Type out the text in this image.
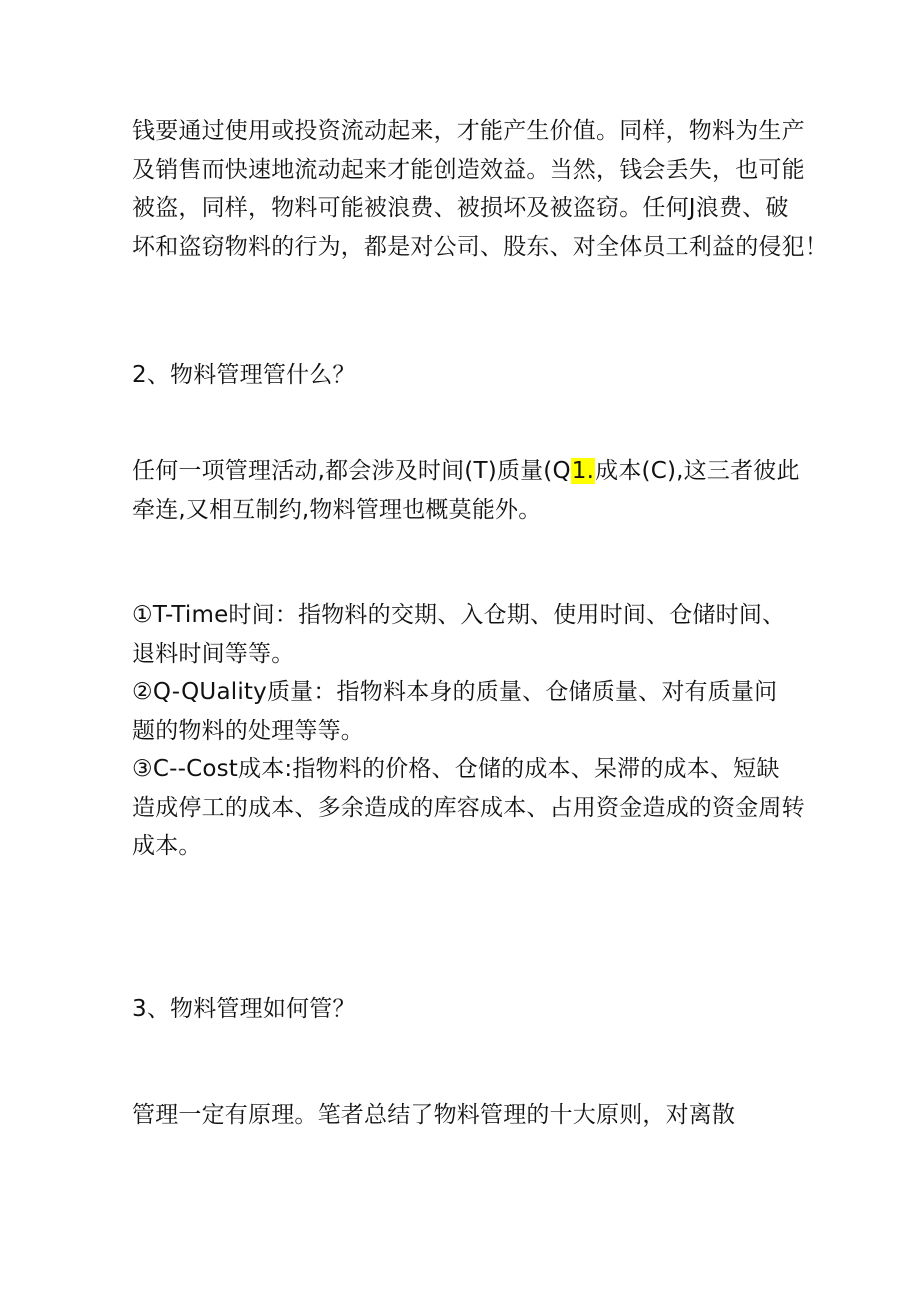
钱要通过使用或投资流动起来，才能产生价值。同样，物料为生产
及销售而快速地流动起来才能创造效益。当然，钱会丢失，也可能
被盗，同样，物料可能被浪费、被损坏及被盗窃。任何J浪费、破
坏和盗窃物料的行为，都是对公司、股东、对全体员工利益的侵犯！

2、物料管理管什么？

任何一项管理活动,都会涉及时间(T)质量(Q1.成本(C),这三者彼此
牵连,又相互制约,物料管理也概莫能外。

①T-Time时间：指物料的交期、入仓期、使用时间、仓储时间、
退料时间等等。
②Q-QUality质量：指物料本身的质量、仓储质量、对有质量问
题的物料的处理等等。
③C--Cost成本:指物料的价格、仓储的成本、呆滞的成本、短缺
造成停工的成本、多余造成的库容成本、占用资金造成的资金周转
成本。

3、物料管理如何管？

管理一定有原理。笔者总结了物料管理的十大原则，对离散
